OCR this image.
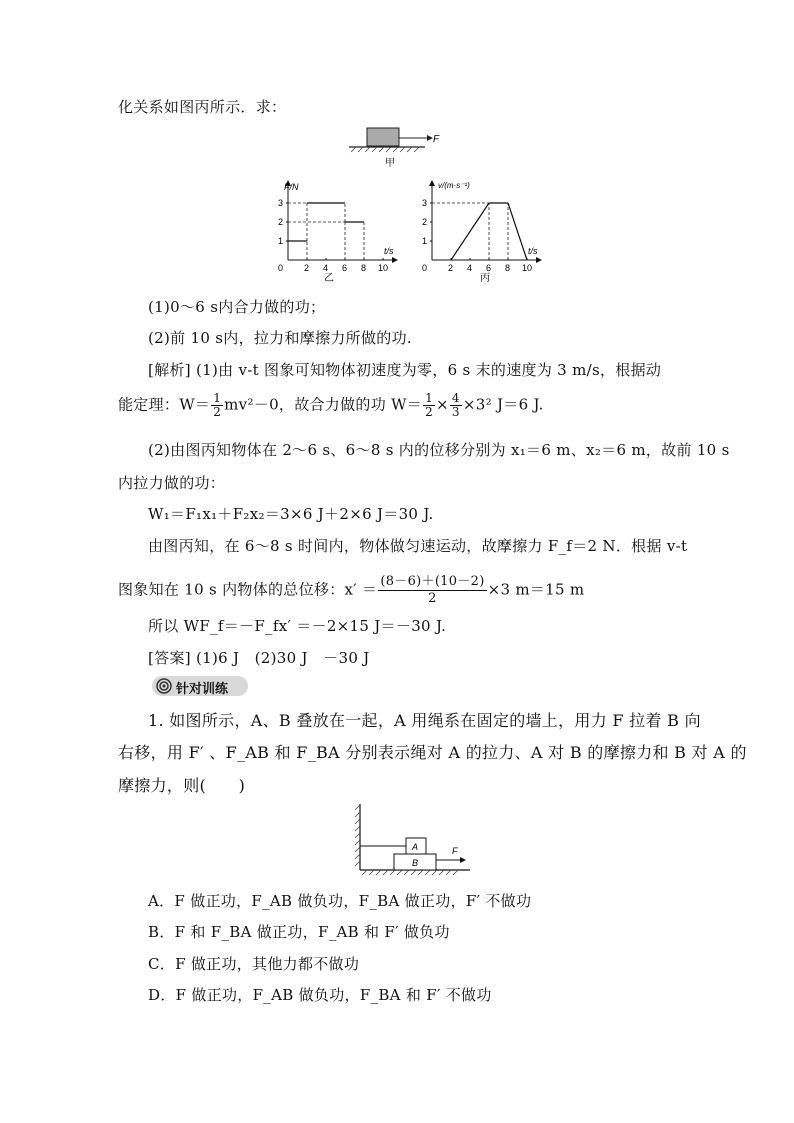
化关系如图丙所示．求：
F
甲
F/N
t/s
3
2
1
0 2 4 6 8 10
乙
v/(m·s⁻¹)
t/s
3
2
1
0 2 4 6 8 10
丙
(1)0～6 s内合力做的功；
(2)前 10 s内，拉力和摩擦力所做的功.
[解析] (1)由 v-t 图象可知物体初速度为零，6 s 末的速度为 3 m/s，根据动
能定理：$W= \frac{1}{2} mv^2-0$，故合力做的功 $W= \frac{1}{2} \times \frac{4}{3} \times 3^2$ J＝6 J.
(2)由图丙知物体在 2～6 s、6～8 s 内的位移分别为 x₁＝6 m、x₂＝6 m，故前 10 s
内拉力做的功：
W₁＝F₁x₁＋F₂x₂＝3×6 J＋2×6 J＝30 J.
由图丙知，在 6～8 s 时间内，物体做匀速运动，故摩擦力 F_f＝2 N．根据 v-t
图象知在 10 s 内物体的总位移：$x' = \frac{(8-6)+(10-2)}{2} \times 3$ m＝15 m
所以 WF_f＝－F_fx′ ＝－2×15 J＝－30 J.
[答案] (1)6 J　(2)30 J　－30 J
针对训练
1. 如图所示，A、B 叠放在一起，A 用绳系在固定的墙上，用力 F 拉着 B 向
右移，用 F′ 、F_AB 和 F_BA 分别表示绳对 A 的拉力、A 对 B 的摩擦力和 B 对 A 的
摩擦力，则(　　)
A
B
F
A．F 做正功，F_AB 做负功，F_BA 做正功，F′ 不做功
B．F 和 F_BA 做正功，F_AB 和 F′ 做负功
C．F 做正功，其他力都不做功
D．F 做正功，F_AB 做负功，F_BA 和 F′ 不做功
